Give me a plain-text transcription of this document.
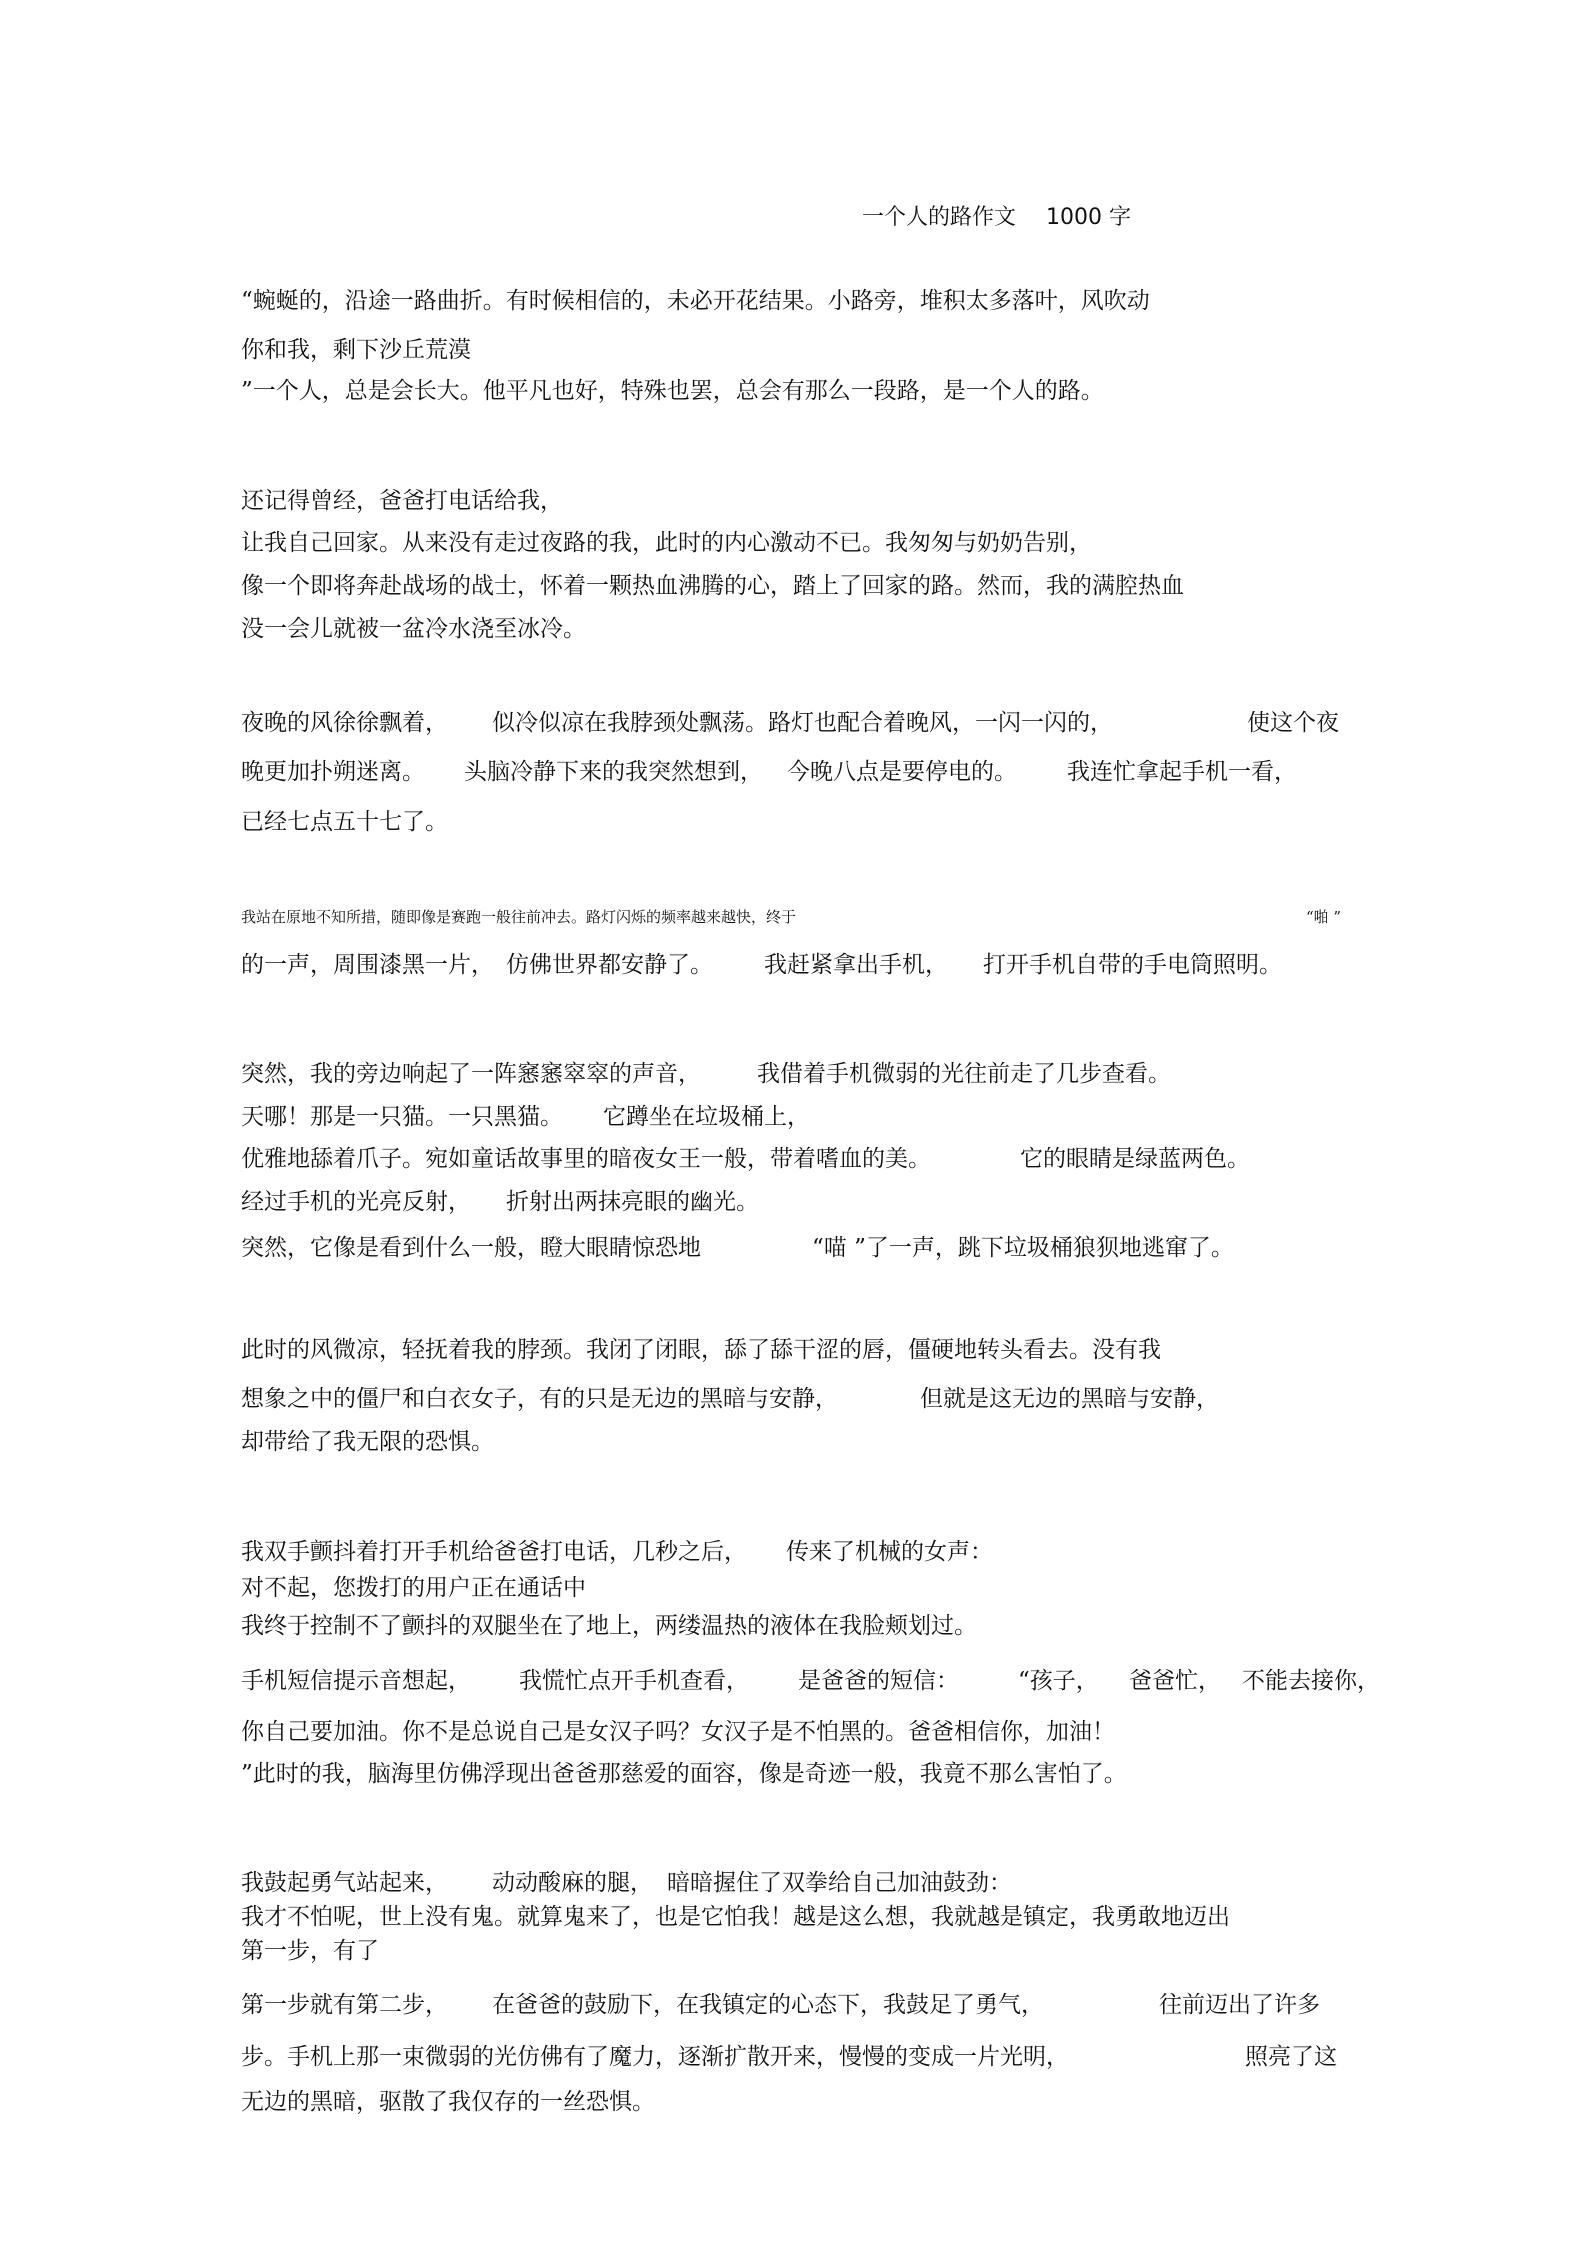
一个人的路作文 1000 字
“蜿蜒的，沿途一路曲折。有时候相信的，未必开花结果。小路旁，堆积太多落叶，风吹动
你和我，剩下沙丘荒漠
”一个人，总是会长大。他平凡也好，特殊也罢，总会有那么一段路，是一个人的路。
还记得曾经，爸爸打电话给我，
让我自己回家。从来没有走过夜路的我，此时的内心激动不已。我匆匆与奶奶告别，
像一个即将奔赴战场的战士，怀着一颗热血沸腾的心，踏上了回家的路。然而，我的满腔热血
没一会儿就被一盆冷水浇至冰冷。
夜晚的风徐徐飘着， 似冷似凉在我脖颈处飘荡。路灯也配合着晚风，一闪一闪的，	使这个夜
晚更加扑朔迷离。 头脑冷静下来的我突然想到， 今晚八点是要停电的。 我连忙拿起手机一看，
已经七点五十七了。
我站在原地不知所措，随即像是赛跑一般往前冲去。路灯闪烁的频率越来越快，终于	“啪 ”
的一声，周围漆黑一片， 仿佛世界都安静了。 我赶紧拿出手机， 打开手机自带的手电筒照明。
突然，我的旁边响起了一阵窸窸窣窣的声音， 我借着手机微弱的光往前走了几步查看。
天哪！那是一只猫。一只黑猫。 它蹲坐在垃圾桶上，
优雅地舔着爪子。宛如童话故事里的暗夜女王一般，带着嗜血的美。	它的眼睛是绿蓝两色。
经过手机的光亮反射， 折射出两抹亮眼的幽光。
突然，它像是看到什么一般，瞪大眼睛惊恐地	“喵 ”了一声，跳下垃圾桶狼狈地逃窜了。
此时的风微凉，轻抚着我的脖颈。我闭了闭眼，舔了舔干涩的唇，僵硬地转头看去。没有我
想象之中的僵尸和白衣女子， 有的只是无边的黑暗与安静，	但就是这无边的黑暗与安静，
却带给了我无限的恐惧。
我双手颤抖着打开手机给爸爸打电话，几秒之后， 传来了机械的女声：
对不起，您拨打的用户正在通话中
我终于控制不了颤抖的双腿坐在了地上，两缕温热的液体在我脸颊划过。
手机短信提示音想起， 我慌忙点开手机查看， 是爸爸的短信：	“孩子， 爸爸忙， 不能去接你，
你自己要加油。你不是总说自己是女汉子吗？女汉子是不怕黑的。爸爸相信你，加油！
”此时的我，脑海里仿佛浮现出爸爸那慈爱的面容，像是奇迹一般，我竟不那么害怕了。
我鼓起勇气站起来， 动动酸麻的腿， 暗暗握住了双拳给自己加油鼓劲：
我才不怕呢，世上没有鬼。就算鬼来了，也是它怕我！越是这么想，我就越是镇定，我勇敢地迈出
第一步，有了
第一步就有第二步， 在爸爸的鼓励下，在我镇定的心态下，我鼓足了勇气，	往前迈出了许多
步。手机上那一束微弱的光仿佛有了魔力，逐渐扩散开来，慢慢的变成一片光明，	照亮了这
无边的黑暗，驱散了我仅存的一丝恐惧。
